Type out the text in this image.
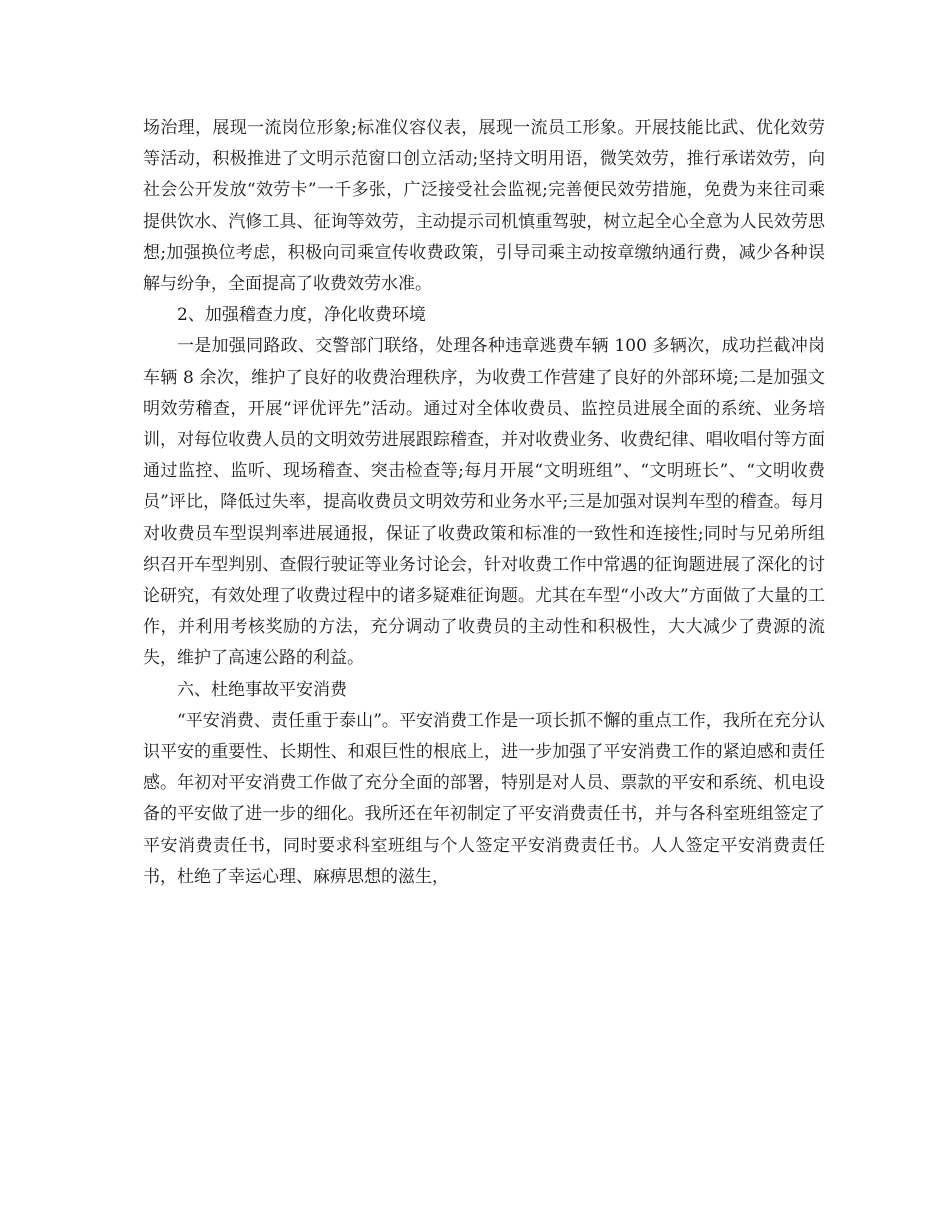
场治理，展现一流岗位形象;标准仪容仪表，展现一流员工形象。开展技能比武、优化效劳等活动，积极推进了文明示范窗口创立活动;坚持文明用语，微笑效劳，推行承诺效劳，向社会公开发放“效劳卡”一千多张，广泛接受社会监视;完善便民效劳措施，免费为来往司乘提供饮水、汽修工具、征询等效劳，主动提示司机慎重驾驶，树立起全心全意为人民效劳思想;加强换位考虑，积极向司乘宣传收费政策，引导司乘主动按章缴纳通行费，减少各种误解与纷争，全面提高了收费效劳水准。

2、加强稽查力度，净化收费环境

一是加强同路政、交警部门联络，处理各种违章逃费车辆 100 多辆次，成功拦截冲岗车辆 8 余次，维护了良好的收费治理秩序，为收费工作营建了良好的外部环境;二是加强文明效劳稽查，开展“评优评先”活动。通过对全体收费员、监控员进展全面的系统、业务培训，对每位收费人员的文明效劳进展跟踪稽查，并对收费业务、收费纪律、唱收唱付等方面通过监控、监听、现场稽查、突击检查等;每月开展“文明班组”、“文明班长”、“文明收费员”评比，降低过失率，提高收费员文明效劳和业务水平;三是加强对误判车型的稽查。每月对收费员车型误判率进展通报，保证了收费政策和标准的一致性和连接性;同时与兄弟所组织召开车型判别、查假行驶证等业务讨论会，针对收费工作中常遇的征询题进展了深化的讨论研究，有效处理了收费过程中的诸多疑难征询题。尤其在车型“小改大”方面做了大量的工作，并利用考核奖励的方法，充分调动了收费员的主动性和积极性，大大减少了费源的流失，维护了高速公路的利益。

六、杜绝事故平安消费

“平安消费、责任重于泰山”。平安消费工作是一项长抓不懈的重点工作，我所在充分认识平安的重要性、长期性、和艰巨性的根底上，进一步加强了平安消费工作的紧迫感和责任感。年初对平安消费工作做了充分全面的部署，特别是对人员、票款的平安和系统、机电设备的平安做了进一步的细化。我所还在年初制定了平安消费责任书，并与各科室班组签定了平安消费责任书，同时要求科室班组与个人签定平安消费责任书。人人签定平安消费责任书，杜绝了幸运心理、麻痹思想的滋生，
